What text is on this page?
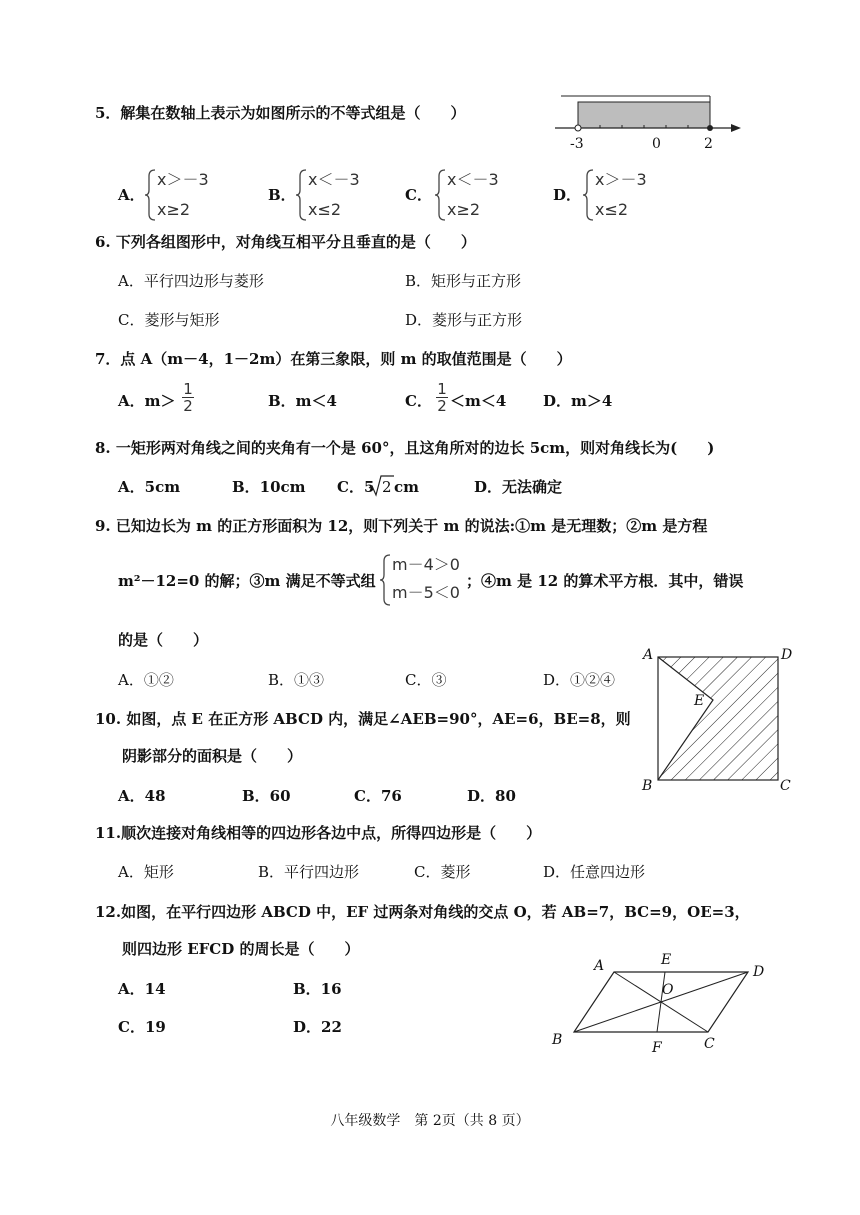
5．解集在数轴上表示为如图所示的不等式组是（　　）
-3	0	2
A．
x＞－3
x≥2
B．
x＜－3
x≤2
C．
x＜－3
x≥2
D．
x＞－3
x≤2
6. 下列各组图形中，对角线互相平分且垂直的是（　　）
A．平行四边形与菱形	B．矩形与正方形
C．菱形与矩形	D．菱形与正方形
7．点 A（m－4，1－2m）在第三象限，则 m 的取值范围是（　　）
A．$m> \frac{1}{2}$	B．m＜4	C． $\frac{1}{2} <m<4$ D．m＞4
8. 一矩形两对角线之间的夹角有一个是 60°，且这角所对的边长 5cm，则对角线长为(　　)
A．5cm	B．10cm C．5 2 cm	D．无法确定
9. 已知边长为 m 的正方形面积为 12，则下列关于 m 的说法:①m 是无理数；②m 是方程
m²－12=0 的解；③m 满足不等式组
m－4＞0
m－5＜0
；④m 是 12 的算术平方根．其中，错误
的是（　　）
A．①②	B．①③	C．③	D．①②④
A	D
E
B	C
10. 如图，点 E 在正方形 ABCD 内，满足∠AEB=90°，AE=6，BE=8，则
阴影部分的面积是（　　）
A．48	B．60	C．76	D．80
11.顺次连接对角线相等的四边形各边中点，所得四边形是（　　）
A．矩形	B．平行四边形	C．菱形	D．任意四边形
12.如图，在平行四边形 ABCD 中，EF 过两条对角线的交点 O，若 AB=7，BC=9，OE=3，
则四边形 EFCD 的周长是（　　）
A．14	B．16
C．19	D．22
A	E
D
O
B	F	C
八年级数学　第 2页（共 8 页）
